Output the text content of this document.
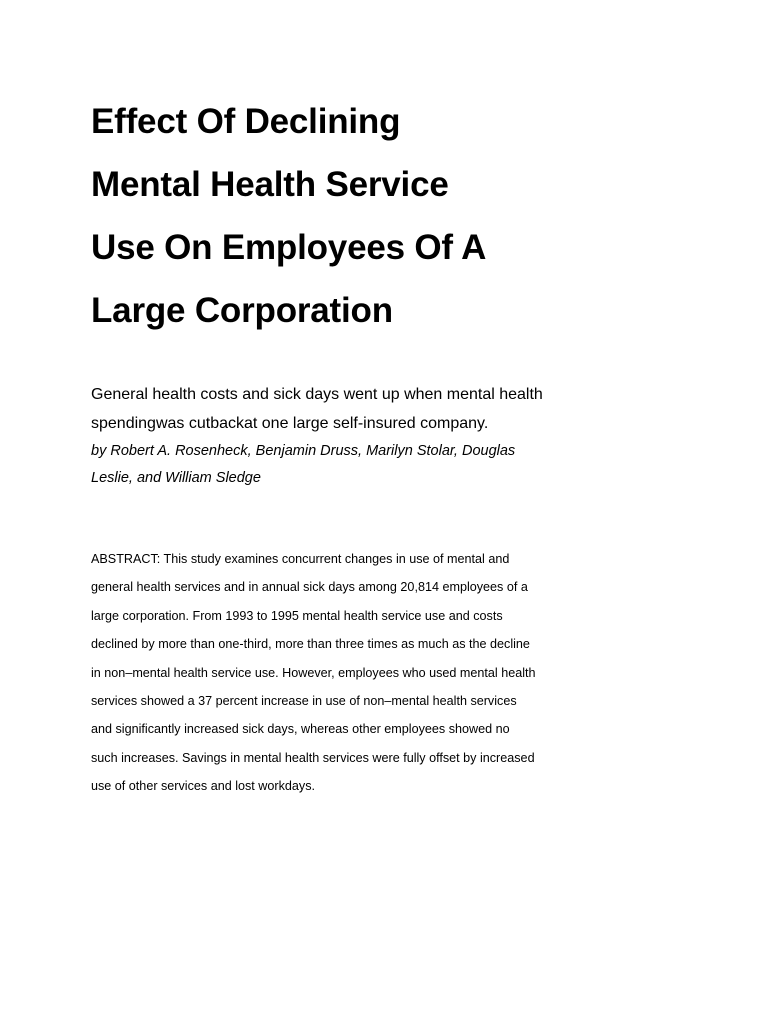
Effect Of Declining
Mental Health Service
Use On Employees Of A
Large Corporation

General health costs and sick days went up when mental health
spendingwas cutbackat one large self-insured company.

by Robert A. Rosenheck, Benjamin Druss, Marilyn Stolar, Douglas
Leslie, and William Sledge

ABSTRACT: This study examines concurrent changes in use of mental and
general health services and in annual sick days among 20,814 employees of a
large corporation. From 1993 to 1995 mental health service use and costs
declined by more than one-third, more than three times as much as the decline
in non–mental health service use. However, employees who used mental health
services showed a 37 percent increase in use of non–mental health services
and significantly increased sick days, whereas other employees showed no
such increases. Savings in mental health services were fully offset by increased
use of other services and lost workdays.
